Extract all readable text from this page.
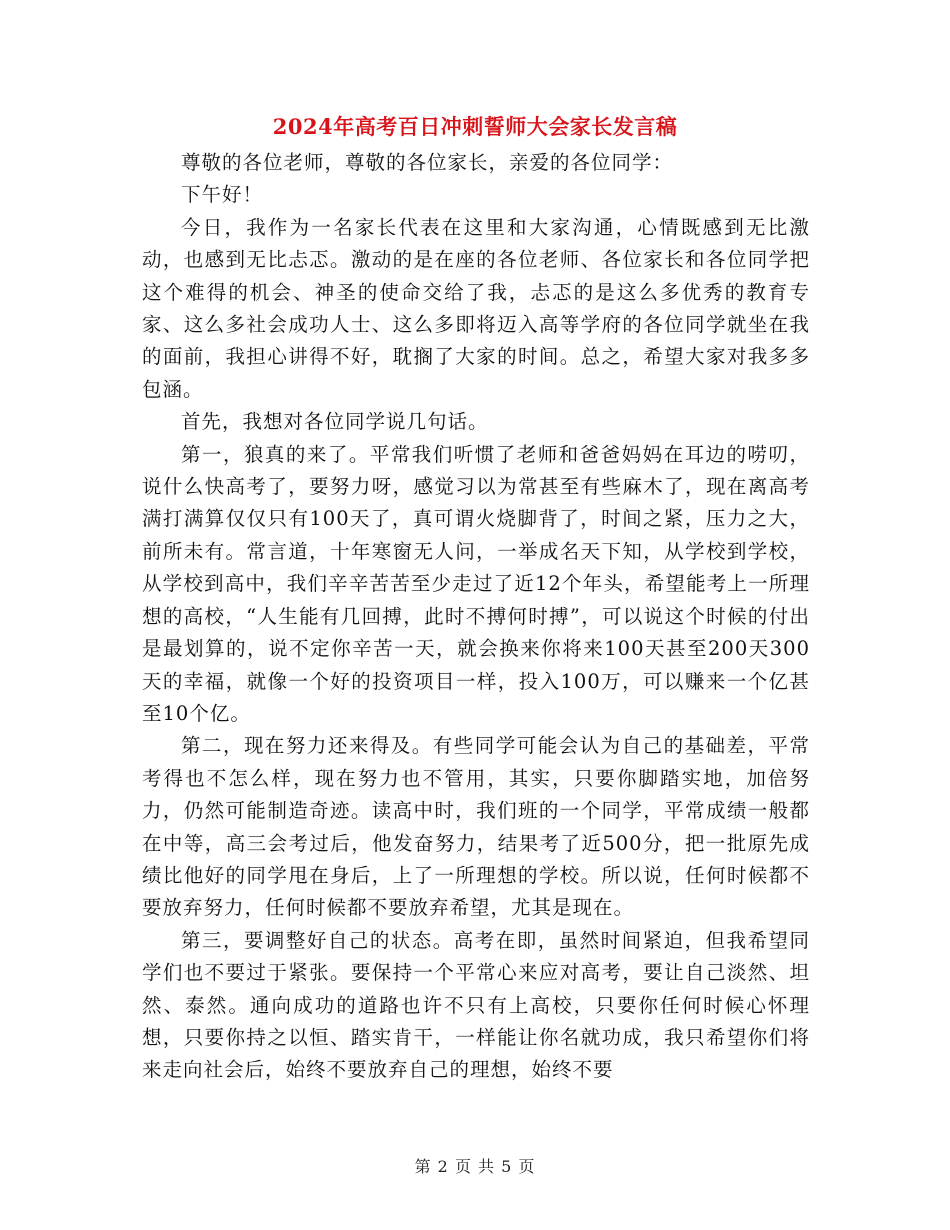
2024年高考百日冲刺誓师大会家长发言稿

尊敬的各位老师，尊敬的各位家长，亲爱的各位同学：

下午好！

今日，我作为一名家长代表在这里和大家沟通，心情既感到无比激动，也感到无比忐忑。激动的是在座的各位老师、各位家长和各位同学把这个难得的机会、神圣的使命交给了我，忐忑的是这么多优秀的教育专家、这么多社会成功人士、这么多即将迈入高等学府的各位同学就坐在我的面前，我担心讲得不好，耽搁了大家的时间。总之，希望大家对我多多包涵。

首先，我想对各位同学说几句话。

第一，狼真的来了。平常我们听惯了老师和爸爸妈妈在耳边的唠叨，说什么快高考了，要努力呀，感觉习以为常甚至有些麻木了，现在离高考满打满算仅仅只有100天了，真可谓火烧脚背了，时间之紧，压力之大，前所未有。常言道，十年寒窗无人问，一举成名天下知，从学校到学校，从学校到高中，我们辛辛苦苦至少走过了近12个年头，希望能考上一所理想的高校，“人生能有几回搏，此时不搏何时搏”，可以说这个时候的付出是最划算的，说不定你辛苦一天，就会换来你将来100天甚至200天300天的幸福，就像一个好的投资项目一样，投入100万，可以赚来一个亿甚至10个亿。

第二，现在努力还来得及。有些同学可能会认为自己的基础差，平常考得也不怎么样，现在努力也不管用，其实，只要你脚踏实地，加倍努力，仍然可能制造奇迹。读高中时，我们班的一个同学，平常成绩一般都在中等，高三会考过后，他发奋努力，结果考了近500分，把一批原先成绩比他好的同学甩在身后，上了一所理想的学校。所以说，任何时候都不要放弃努力，任何时候都不要放弃希望，尤其是现在。

第三，要调整好自己的状态。高考在即，虽然时间紧迫，但我希望同学们也不要过于紧张。要保持一个平常心来应对高考，要让自己淡然、坦然、泰然。通向成功的道路也许不只有上高校，只要你任何时候心怀理想，只要你持之以恒、踏实肯干，一样能让你名就功成，我只希望你们将来走向社会后，始终不要放弃自己的理想，始终不要

第 2 页 共 5 页
